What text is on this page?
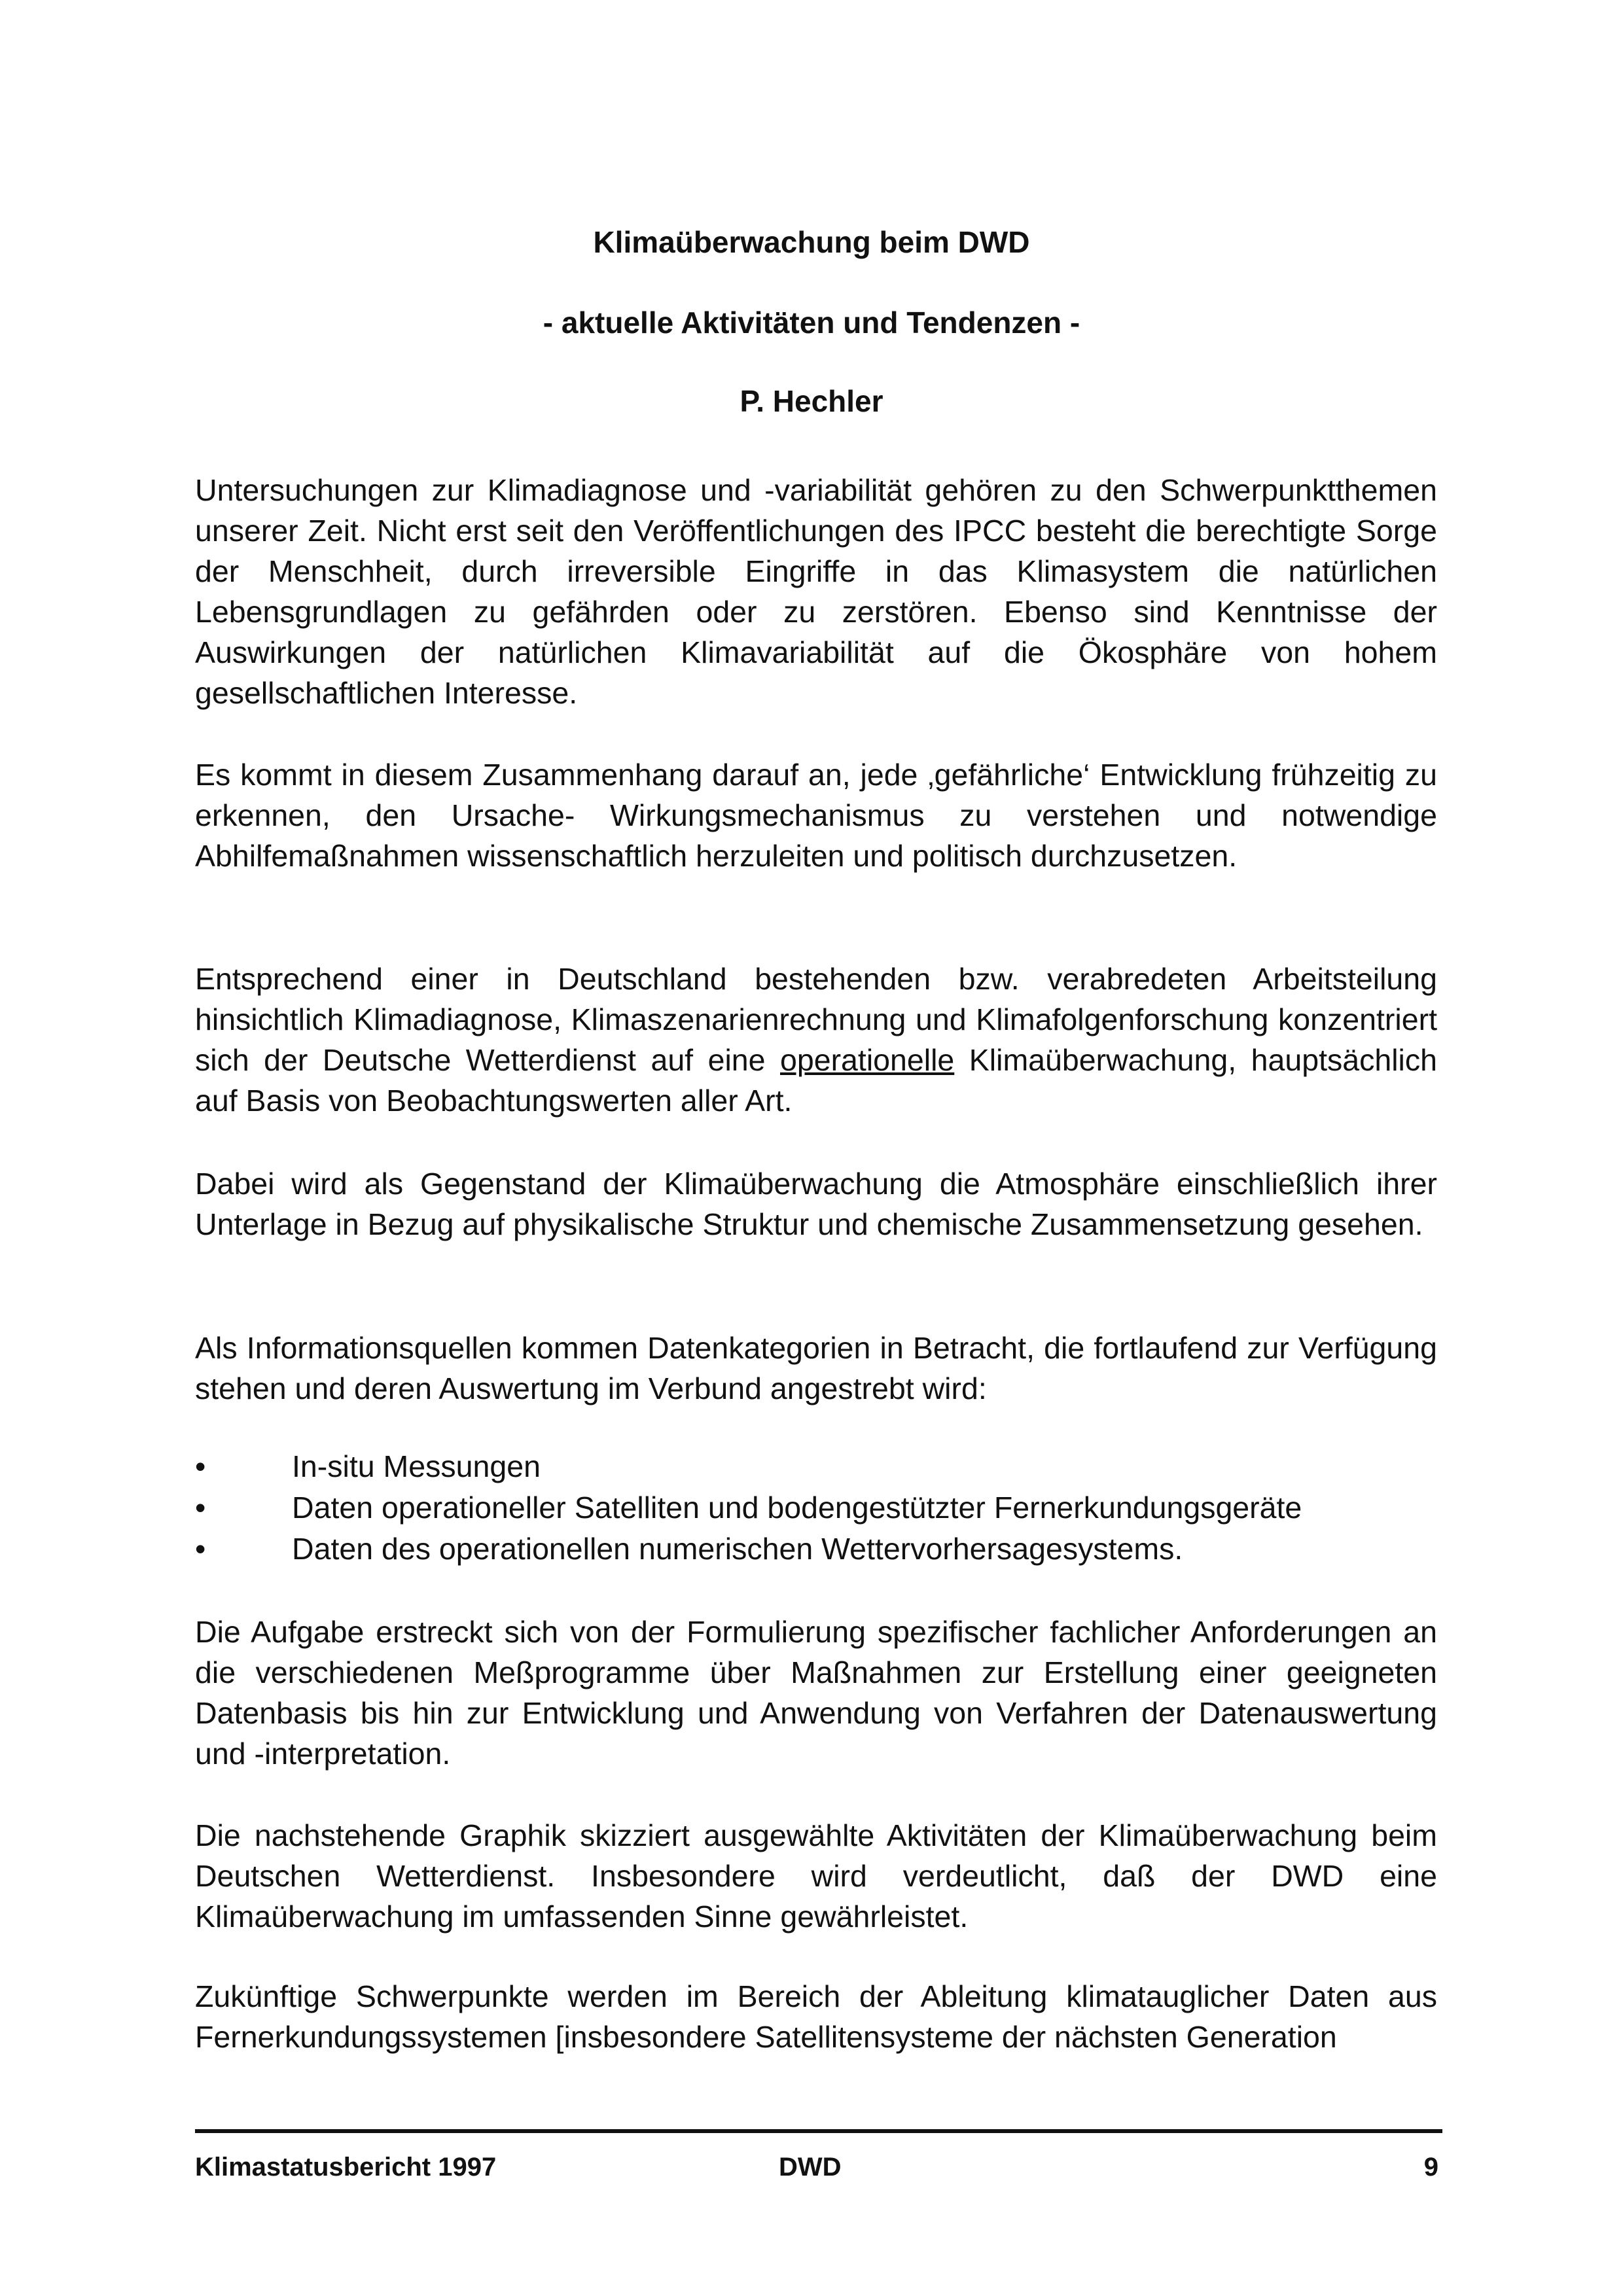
Klimaüberwachung beim DWD
- aktuelle Aktivitäten und Tendenzen -
P. Hechler

Untersuchungen zur Klimadiagnose und -variabilität gehören zu den Schwerpunktthemen unserer Zeit. Nicht erst seit den Veröffentlichungen des IPCC besteht die berechtigte Sorge der Menschheit, durch irreversible Eingriffe in das Klimasystem die natürlichen Lebensgrundlagen zu gefährden oder zu zerstören. Ebenso sind Kenntnisse der Auswirkungen der natürlichen Klimavariabilität auf die Ökosphäre von hohem gesellschaftlichen Interesse.

Es kommt in diesem Zusammenhang darauf an, jede ‚gefährliche‘ Entwicklung frühzeitig zu erkennen, den Ursache- Wirkungsmechanismus zu verstehen und notwendige Abhilfemaßnahmen wissenschaftlich herzuleiten und politisch durchzusetzen.

Entsprechend einer in Deutschland bestehenden bzw. verabredeten Arbeitsteilung hinsichtlich Klimadiagnose, Klimaszenarienrechnung und Klimafolgenforschung konzentriert sich der Deutsche Wetterdienst auf eine operationelle Klimaüberwachung, hauptsächlich auf Basis von Beobachtungswerten aller Art.

Dabei wird als Gegenstand der Klimaüberwachung die Atmosphäre einschließlich ihrer Unterlage in Bezug auf physikalische Struktur und chemische Zusammensetzung gesehen.

Als Informationsquellen kommen Datenkategorien in Betracht, die fortlaufend zur Verfügung stehen und deren Auswertung im Verbund angestrebt wird:

•	In-situ Messungen
•	Daten operationeller Satelliten und bodengestützter Fernerkundungsgeräte
•	Daten des operationellen numerischen Wettervorhersagesystems.

Die Aufgabe erstreckt sich von der Formulierung spezifischer fachlicher Anforderungen an die verschiedenen Meßprogramme über Maßnahmen zur Erstellung einer geeigneten Datenbasis bis hin zur Entwicklung und Anwendung von Verfahren der Datenauswertung und -interpretation.

Die nachstehende Graphik skizziert ausgewählte Aktivitäten der Klimaüberwachung beim Deutschen Wetterdienst. Insbesondere wird verdeutlicht, daß der DWD eine Klimaüberwachung im umfassenden Sinne gewährleistet.

Zukünftige Schwerpunkte werden im Bereich der Ableitung klimatauglicher Daten aus Fernerkundungssystemen [insbesondere Satellitensysteme der nächsten Generation

Klimastatusbericht 1997	DWD	9
